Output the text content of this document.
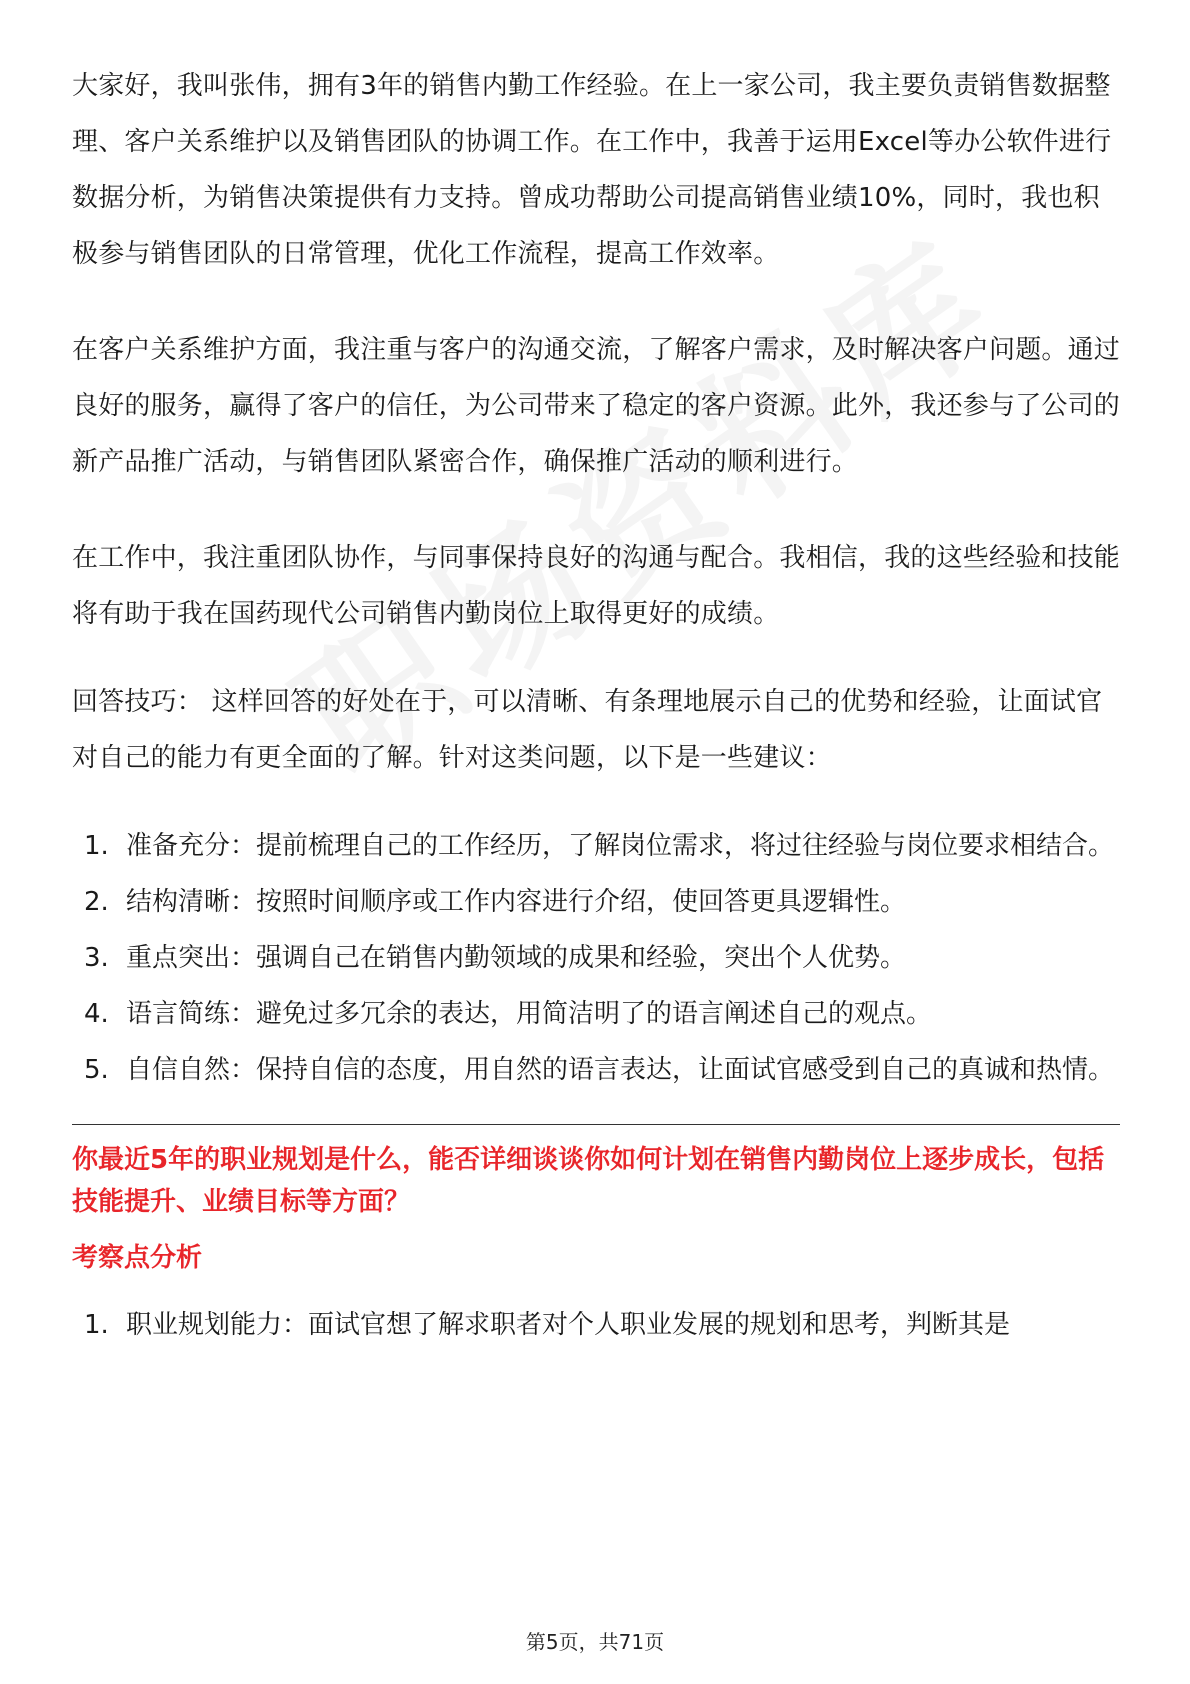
大家好，我叫张伟，拥有3年的销售内勤工作经验。在上一家公司，我主要负责销售数据整理、客户关系维护以及销售团队的协调工作。在工作中，我善于运用Excel等办公软件进行数据分析，为销售决策提供有力支持。曾成功帮助公司提高销售业绩10%，同时，我也积极参与销售团队的日常管理，优化工作流程，提高工作效率。

在客户关系维护方面，我注重与客户的沟通交流，了解客户需求，及时解决客户问题。通过良好的服务，赢得了客户的信任，为公司带来了稳定的客户资源。此外，我还参与了公司的新产品推广活动，与销售团队紧密合作，确保推广活动的顺利进行。

在工作中，我注重团队协作，与同事保持良好的沟通与配合。我相信，我的这些经验和技能将有助于我在国药现代公司销售内勤岗位上取得更好的成绩。

回答技巧： 这样回答的好处在于，可以清晰、有条理地展示自己的优势和经验，让面试官对自己的能力有更全面的了解。针对这类问题，以下是一些建议：

1. 准备充分：提前梳理自己的工作经历，了解岗位需求，将过往经验与岗位要求相结合。
2. 结构清晰：按照时间顺序或工作内容进行介绍，使回答更具逻辑性。
3. 重点突出：强调自己在销售内勤领域的成果和经验，突出个人优势。
4. 语言简练：避免过多冗余的表达，用简洁明了的语言阐述自己的观点。
5. 自信自然：保持自信的态度，用自然的语言表达，让面试官感受到自己的真诚和热情。

你最近5年的职业规划是什么，能否详细谈谈你如何计划在销售内勤岗位上逐步成长，包括技能提升、业绩目标等方面？

考察点分析

1. 职业规划能力：面试官想了解求职者对个人职业发展的规划和思考，判断其是
第5页，共71页
